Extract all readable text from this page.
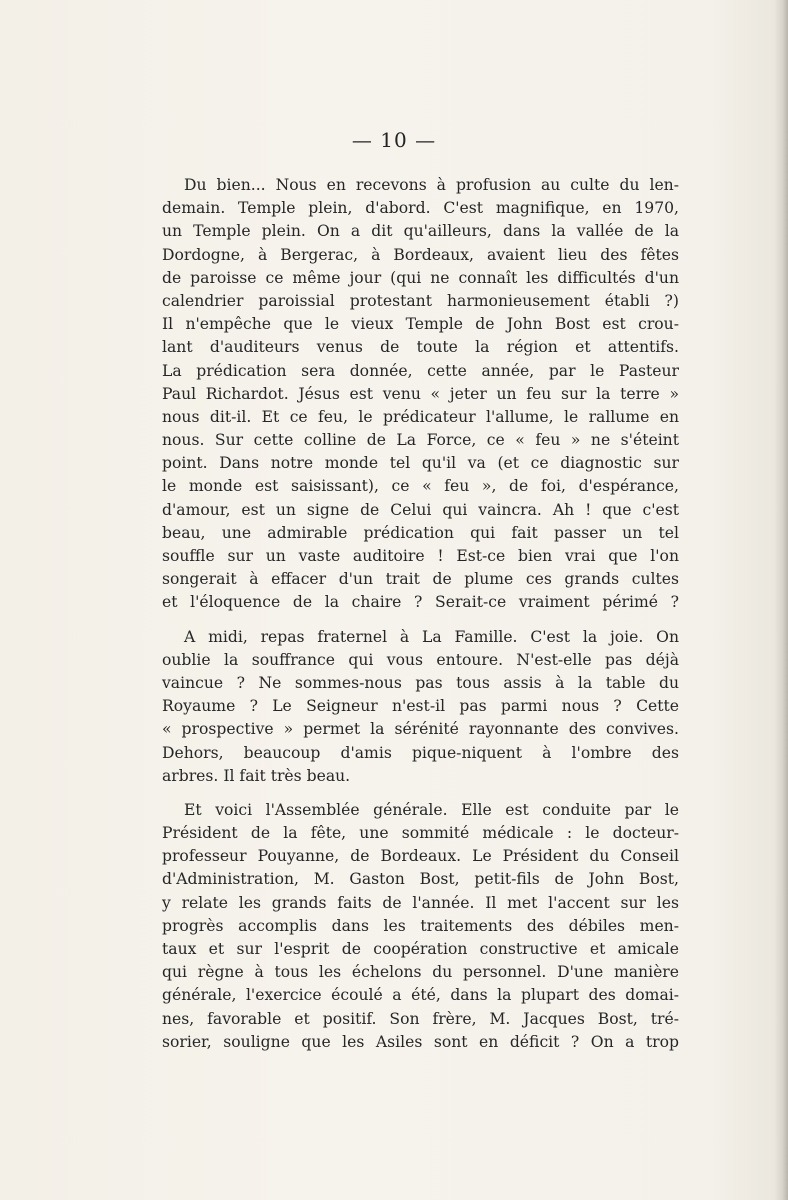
— 10 —
Du bien... Nous en recevons à profusion au culte du len-
demain. Temple plein, d'abord. C'est magnifique, en 1970,
un Temple plein. On a dit qu'ailleurs, dans la vallée de la
Dordogne, à Bergerac, à Bordeaux, avaient lieu des fêtes
de paroisse ce même jour (qui ne connaît les difficultés d'un
calendrier paroissial protestant harmonieusement établi ?)
Il n'empêche que le vieux Temple de John Bost est crou-
lant d'auditeurs venus de toute la région et attentifs.
La prédication sera donnée, cette année, par le Pasteur
Paul Richardot. Jésus est venu « jeter un feu sur la terre »
nous dit-il. Et ce feu, le prédicateur l'allume, le rallume en
nous. Sur cette colline de La Force, ce « feu » ne s'éteint
point. Dans notre monde tel qu'il va (et ce diagnostic sur
le monde est saisissant), ce « feu », de foi, d'espérance,
d'amour, est un signe de Celui qui vaincra. Ah ! que c'est
beau, une admirable prédication qui fait passer un tel
souffle sur un vaste auditoire ! Est-ce bien vrai que l'on
songerait à effacer d'un trait de plume ces grands cultes
et l'éloquence de la chaire ? Serait-ce vraiment périmé ?
A midi, repas fraternel à La Famille. C'est la joie. On
oublie la souffrance qui vous entoure. N'est-elle pas déjà
vaincue ? Ne sommes-nous pas tous assis à la table du
Royaume ? Le Seigneur n'est-il pas parmi nous ? Cette
« prospective » permet la sérénité rayonnante des convives.
Dehors, beaucoup d'amis pique-niquent à l'ombre des
arbres. Il fait très beau.
Et voici l'Assemblée générale. Elle est conduite par le
Président de la fête, une sommité médicale : le docteur-
professeur Pouyanne, de Bordeaux. Le Président du Conseil
d'Administration, M. Gaston Bost, petit-fils de John Bost,
y relate les grands faits de l'année. Il met l'accent sur les
progrès accomplis dans les traitements des débiles men-
taux et sur l'esprit de coopération constructive et amicale
qui règne à tous les échelons du personnel. D'une manière
générale, l'exercice écoulé a été, dans la plupart des domai-
nes, favorable et positif. Son frère, M. Jacques Bost, tré-
sorier, souligne que les Asiles sont en déficit ? On a trop
